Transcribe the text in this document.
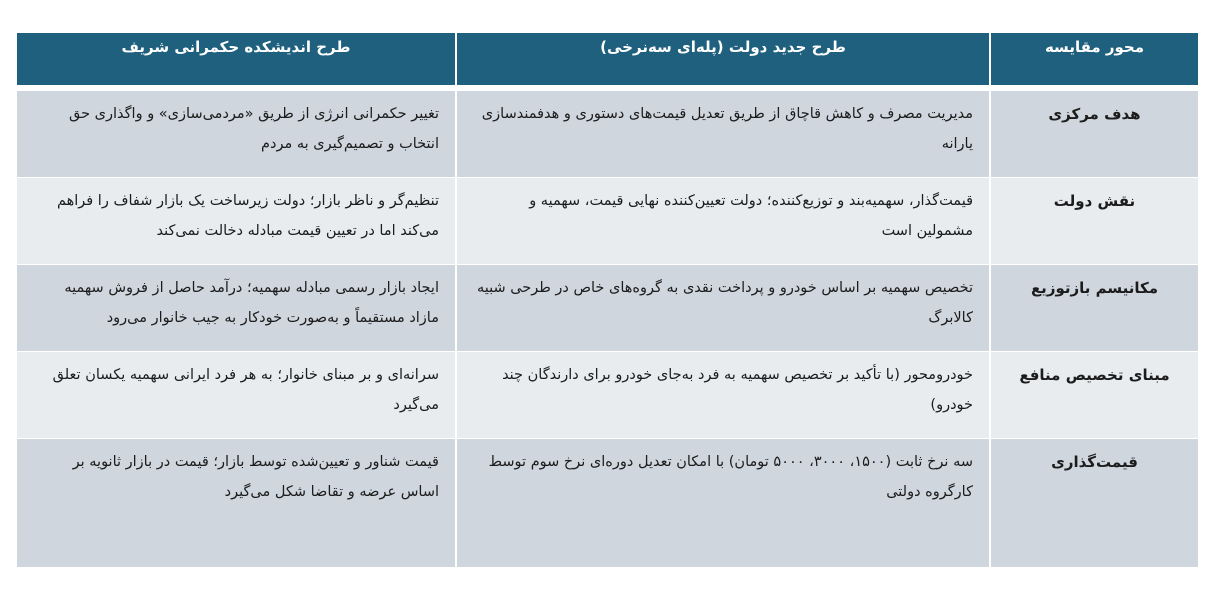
محور مقایسه
طرح جدید دولت (پله‌ای سه‌نرخی)
طرح اندیشکده حکمرانی شریف
هدف مرکزی
مدیریت مصرف و کاهش قاچاق از طریق تعدیل قیمت‌های دستوری و هدفمندسازی یارانه
تغییر حکمرانی انرژی از طریق «مردمی‌سازی» و واگذاری حق انتخاب و تصمیم‌گیری به مردم
نقش دولت
قیمت‌گذار، سهمیه‌بند و توزیع‌کننده؛ دولت تعیین‌کننده نهایی قیمت، سهمیه و مشمولین است
تنظیم‌گر و ناظر بازار؛ دولت زیرساخت یک بازار شفاف را فراهم می‌کند اما در تعیین قیمت مبادله دخالت نمی‌کند
مکانیسم بازتوزیع
تخصیص سهمیه بر اساس خودرو و پرداخت نقدی به گروه‌های خاص در طرحی شبیه کالابرگ
ایجاد بازار رسمی مبادله سهمیه؛ درآمد حاصل از فروش سهمیه مازاد مستقیماً و به‌صورت خودکار به جیب خانوار می‌رود
مبنای تخصیص منافع
خودرومحور (با تأکید بر تخصیص سهمیه به فرد به‌جای خودرو برای دارندگان چند خودرو)
سرانه‌ای و بر مبنای خانوار؛ به هر فرد ایرانی سهمیه یکسان تعلق می‌گیرد
قیمت‌گذاری
سه نرخ ثابت (۱۵۰۰، ۳۰۰۰، ۵۰۰۰ تومان) با امکان تعدیل دوره‌ای نرخ سوم توسط کارگروه دولتی
قیمت شناور و تعیین‌شده توسط بازار؛ قیمت در بازار ثانویه بر اساس عرضه و تقاضا شکل می‌گیرد
